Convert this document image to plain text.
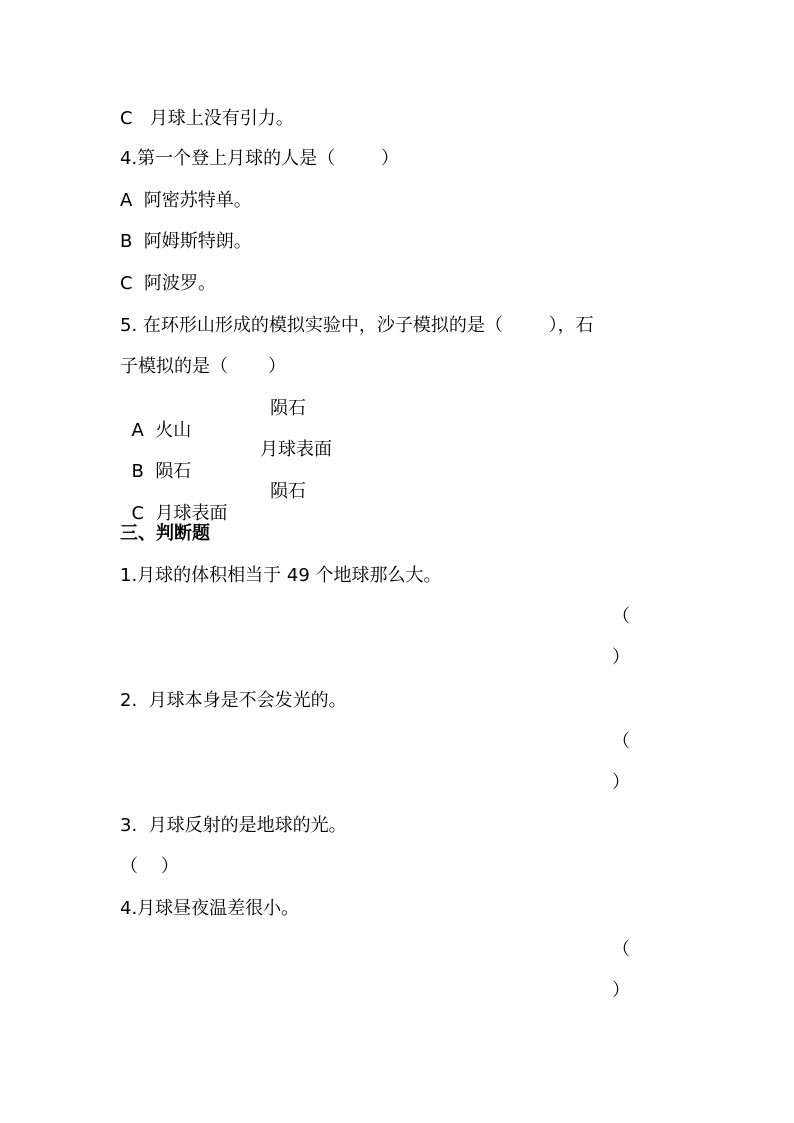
C   月球上没有引力。
4.第一个登上月球的人是（        ）
A  阿密苏特单。
B  阿姆斯特朗。
C  阿波罗。
5. 在环形山形成的模拟实验中，沙子模拟的是（        ），石
子模拟的是（       ）

A  火山

陨石

B  陨石

月球表面

C  月球表面

陨石

三、判断题
1.月球的体积相当于 49 个地球那么大。
（
）
2.  月球本身是不会发光的。
（
）
3.  月球反射的是地球的光。
（    ）
4.月球昼夜温差很小。
（
）
